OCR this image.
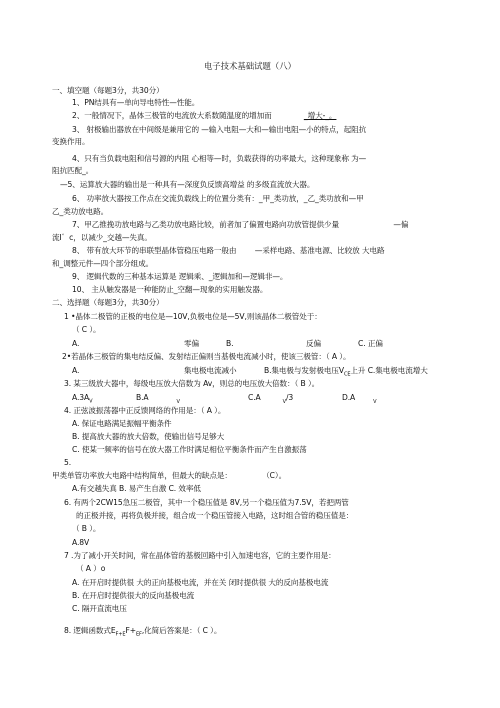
电子技术基础试题（八）
一、填空题（每题3分，共30分）
1、PN结具有—单向导电特性—性能。
2、一般情况下，晶体三极管的电流放大系数随温度的增加而	_增大-_。
3、 射极输出器放在中间级是兼用它的 —输入电阻—大和—输出电阻—小的特点，起阻抗
变换作用。
4、只有当负载电阻和信号源的内阻 心相等—时，负载获得的功率最大，这种现象称 为—
阻抗匹配_。
—5、运算放大器的输出是一种具有—深度负反馈高增益 的多级直流放大器。
6、 功率放大器按工作点在交流负载线上的位置分类有：_甲_类功放，_乙_类功放和—甲
乙_类功放电路。
7、甲乙推挽功放电路与乙类功放电路比较，前者加了偏置电路向功放管提供少量	—偏
流I゛c，以减少_交越—失真。
8、 带有放大环节的串联型晶体管稳压电路一般由 —采样电路、基准电源、比较放 大电路
和_调整元件—四个部分组成。
9、 逻辑代数的三种基本运算是 逻辑乘、_逻辑加和—逻辑非—。
10、 主从触发器是一种能防止_空翻—现象的实用触发器。
二、选择题（每题3分，共30分）
1 •晶体二极管的正极的电位是—10V,负极电位是—5V,则该晶体二极管处于：
（ C ）。
A.	零偏	B.	反偏	C. 正偏
2•若晶体三极管的集电结反偏、发射结正偏则当基极电流减小时，使该三极管：（ A ）。
A.	集电极电流减小	B.集电极与发射极电压$V_{CE}$上升 C.集电极电流增大
3. 某三级放大器中，每级电压放大倍数为 Av，则总的电压放大倍数：（ B ）。
$A.3A_V$	B.A	$_V$	C.A	$_V$/3	D.A	$_V$
4. 正弦波振荡器中正反馈网络的作用是：（ A ）。
A. 保证电路满足振幅平衡条件
B. 提高放大器的放大倍数，使输出信号足够大
C. 使某一频率的信号在放大器工作时满足相位平衡条件而产生自激振荡
5.
甲类单管功率放大电路中结构简单，但最大的缺点是：	（C）。
A.有交越失真 B. 易产生自激 C. 效率低
6. 有两个2CW15急压二极管，其中一个稳压值是 8V,另一个稳压值为7.5V，若把两管
的正极并接，再将负极并接，组合成一个稳压管接入电路，这时组合管的稳压值是：
（ B ）。
A.8V
7 .为了减小开关时间，常在晶体管的基极回路中引入加速电容，它的主要作用是：
（ A ）o
A. 在开启时提供很 大的正向基极电流，并在关 闭时提供很 大的反向基极电流
B. 在开启时提供很大的反向基极电流
C. 隔开直流电压
8. 逻辑函数式$E_{F+E}F+_{EF}$,化简后答案是：（ C ）。
